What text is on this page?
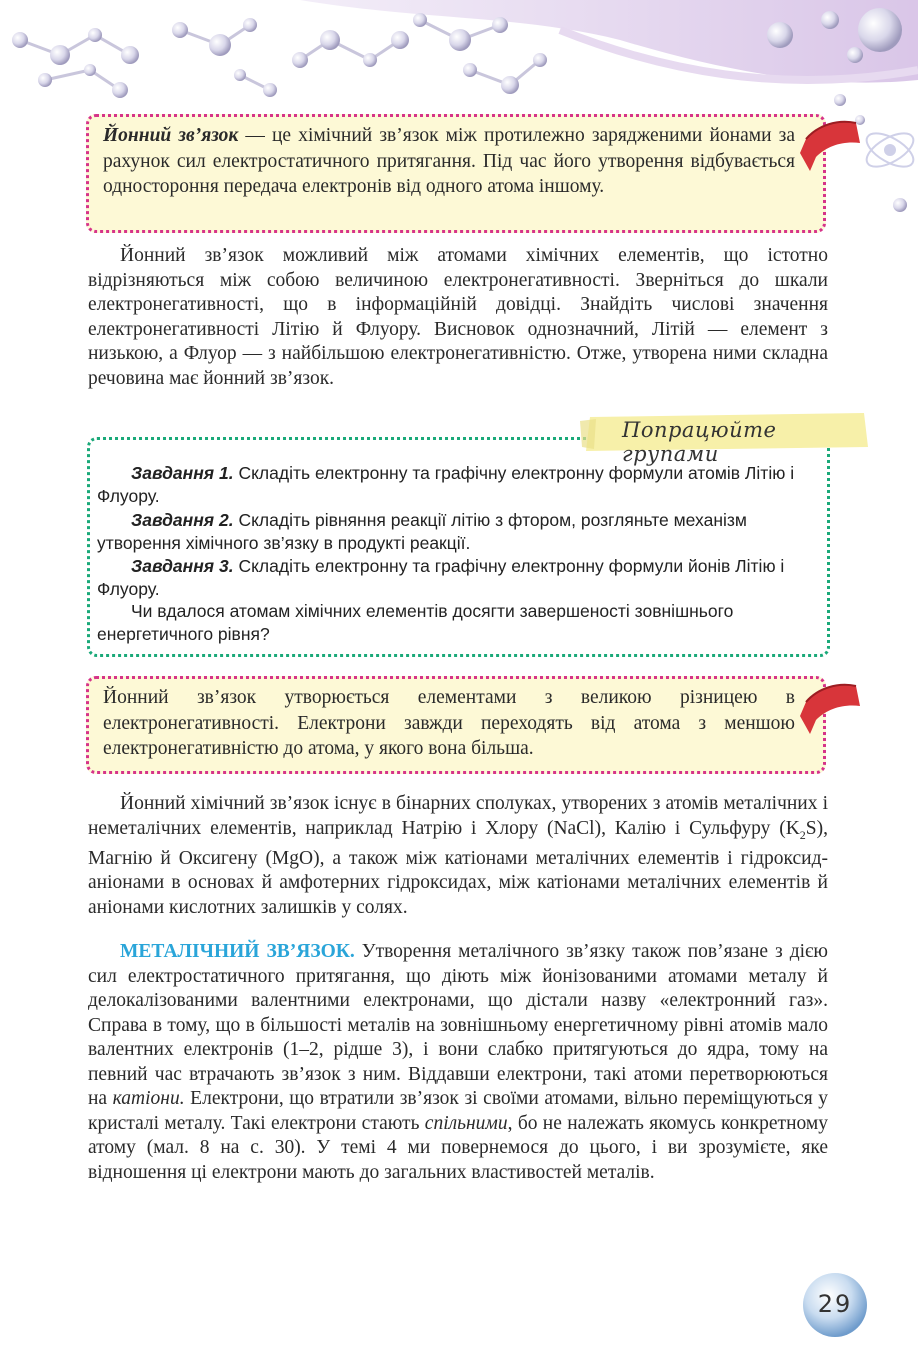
Йонний зв’язок — це хімічний зв’язок між протилежно зарядженими йонами за рахунок сил електростатичного притягання. Під час його утворення відбувається одностороння передача електронів від одного атома іншому.

Йонний зв’язок можливий між атомами хімічних елементів, що істотно відрізняються між собою величиною електронегативності. Зверніться до шкали електронегативності, що в інформаційній довідці. Знайдіть числові значення електронегативності Літію й Флуору. Висновок однозначний, Літій — елемент з низькою, а Флуор — з найбільшою електронегативністю. Отже, утворена ними складна речовина має йонний зв’язок.

Попрацюйте групами

Завдання 1. Складіть електронну та графічну електронну формули атомів Літію і Флуору.

Завдання 2. Складіть рівняння реакції літію з фтором, розгляньте механізм утворення хімічного зв’язку в продукті реакції.

Завдання 3. Складіть електронну та графічну електронну формули йонів Літію і Флуору.

Чи вдалося атомам хімічних елементів досягти завершеності зовнішнього енергетичного рівня?

Йонний зв’язок утворюється елементами з великою різницею в електронегативності. Електрони завжди переходять від атома з меншою електронегативністю до атома, у якого вона більша.

Йонний хімічний зв’язок існує в бінарних сполуках, утворених з атомів металічних і неметалічних елементів, наприклад Натрію і Хлору (NaCl), Калію і Сульфуру $(K_2S)$, Магнію й Оксигену (MgO), а також між катіонами металічних елементів і гідроксид-аніонами в основах й амфотерних гідроксидах, між катіонами металічних елементів й аніонами кислотних залишків у солях.

МЕТАЛІЧНИЙ ЗВ’ЯЗОК. Утворення металічного зв’язку також пов’язане з дією сил електростатичного притягання, що діють між йонізованими атомами металу й делокалізованими валентними електронами, що дістали назву «електронний газ». Справа в тому, що в більшості металів на зовнішньому енергетичному рівні атомів мало валентних електронів (1–2, рідше 3), і вони слабко притягуються до ядра, тому на певний час втрачають зв’язок з ним. Віддавши електрони, такі атоми перетворюються на катіони. Електрони, що втратили зв’язок зі своїми атомами, вільно переміщуються у кристалі металу. Такі електрони стають спільними, бо не належать якомусь конкретному атому (мал. 8 на с. 30). У темі 4 ми повернемося до цього, і ви зрозумієте, яке відношення ці електрони мають до загальних властивостей металів.

29
